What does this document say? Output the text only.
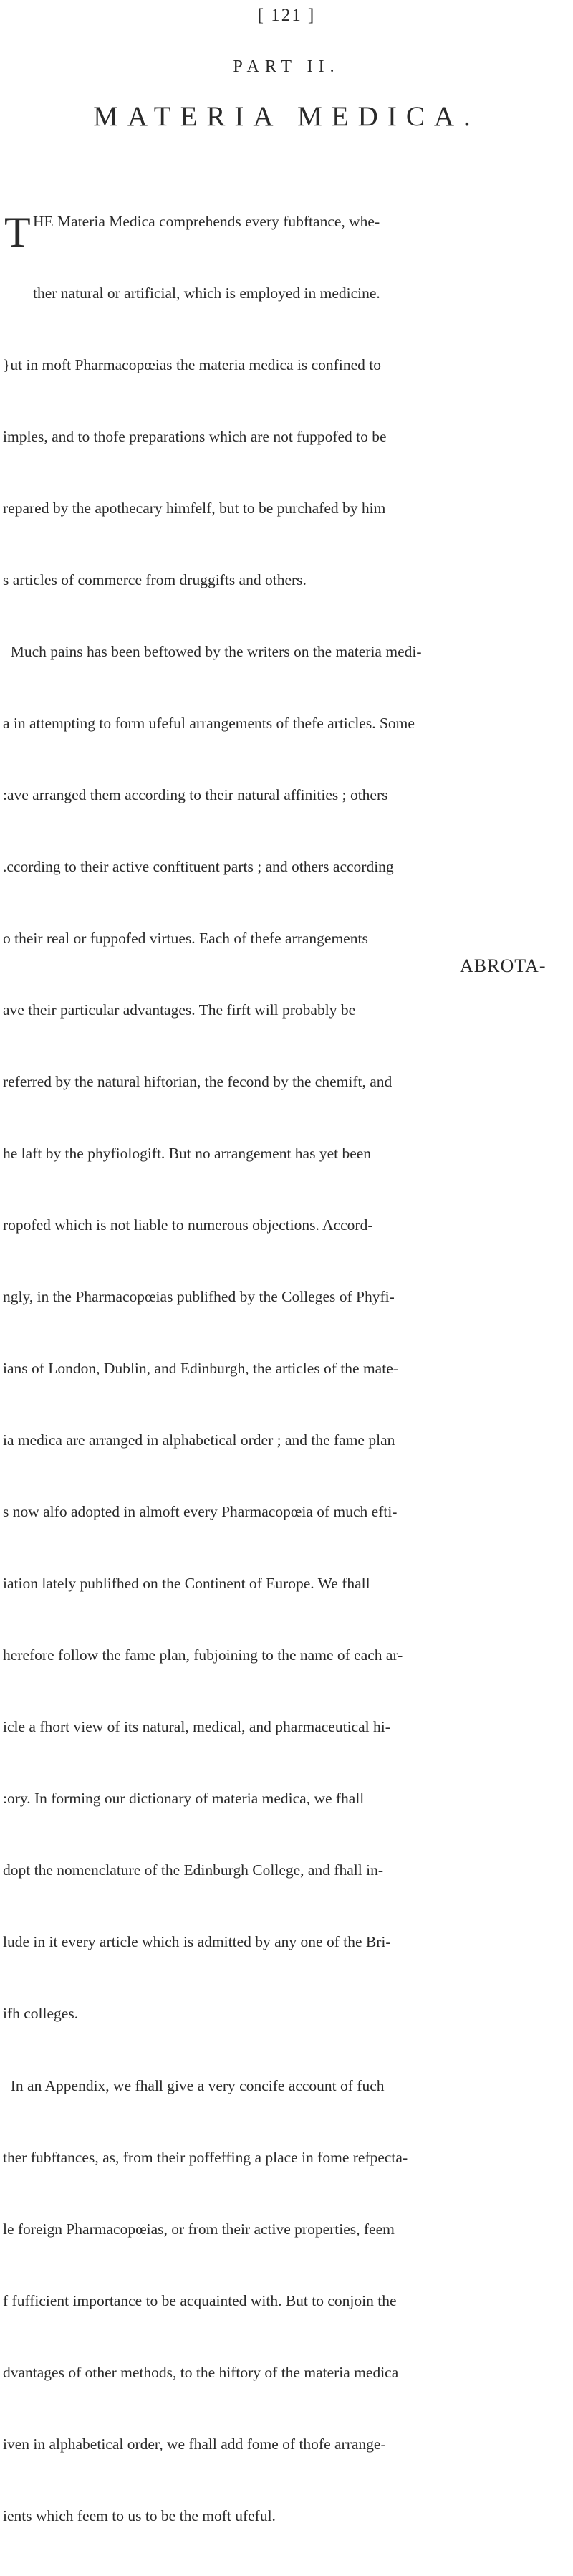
[ 121 ]
PART II.
MATERIA MEDICA.

T HE Materia Medica comprehends every fubftance, whe-

ther natural or artificial, which is employed in medicine.

}ut in moft Pharmacopœias the materia medica is confined to

imples, and to thofe preparations which are not fuppofed to be

repared by the apothecary himfelf, but to be purchafed by him

s articles of commerce from druggifts and others.

Much pains has been beftowed by the writers on the materia medi-

a in attempting to form ufeful arrangements of thefe articles. Some

:ave arranged them according to their natural affinities ; others

.ccording to their active conftituent parts ; and others according

o their real or fuppofed virtues. Each of thefe arrangements

ave their particular advantages. The firft will probably be

referred by the natural hiftorian, the fecond by the chemift, and

he laft by the phyfiologift. But no arrangement has yet been

ropofed which is not liable to numerous objections. Accord-

ngly, in the Pharmacopœias publifhed by the Colleges of Phyfi-

ians of London, Dublin, and Edinburgh, the articles of the mate-

ia medica are arranged in alphabetical order ; and the fame plan

s now alfo adopted in almoft every Pharmacopœia of much efti-

iation lately publifhed on the Continent of Europe. We fhall

herefore follow the fame plan, fubjoining to the name of each ar-

icle a fhort view of its natural, medical, and pharmaceutical hi-

:ory. In forming our dictionary of materia medica, we fhall

dopt the nomenclature of the Edinburgh College, and fhall in-

lude in it every article which is admitted by any one of the Bri-

ifh colleges.

In an Appendix, we fhall give a very concife account of fuch

ther fubftances, as, from their poffeffing a place in fome refpecta-

le foreign Pharmacopœias, or from their active properties, feem

f fufficient importance to be acquainted with. But to conjoin the

dvantages of other methods, to the hiftory of the materia medica

iven in alphabetical order, we fhall add fome of thofe arrange-

ients which feem to us to be the moft ufeful.

ABROTA-
